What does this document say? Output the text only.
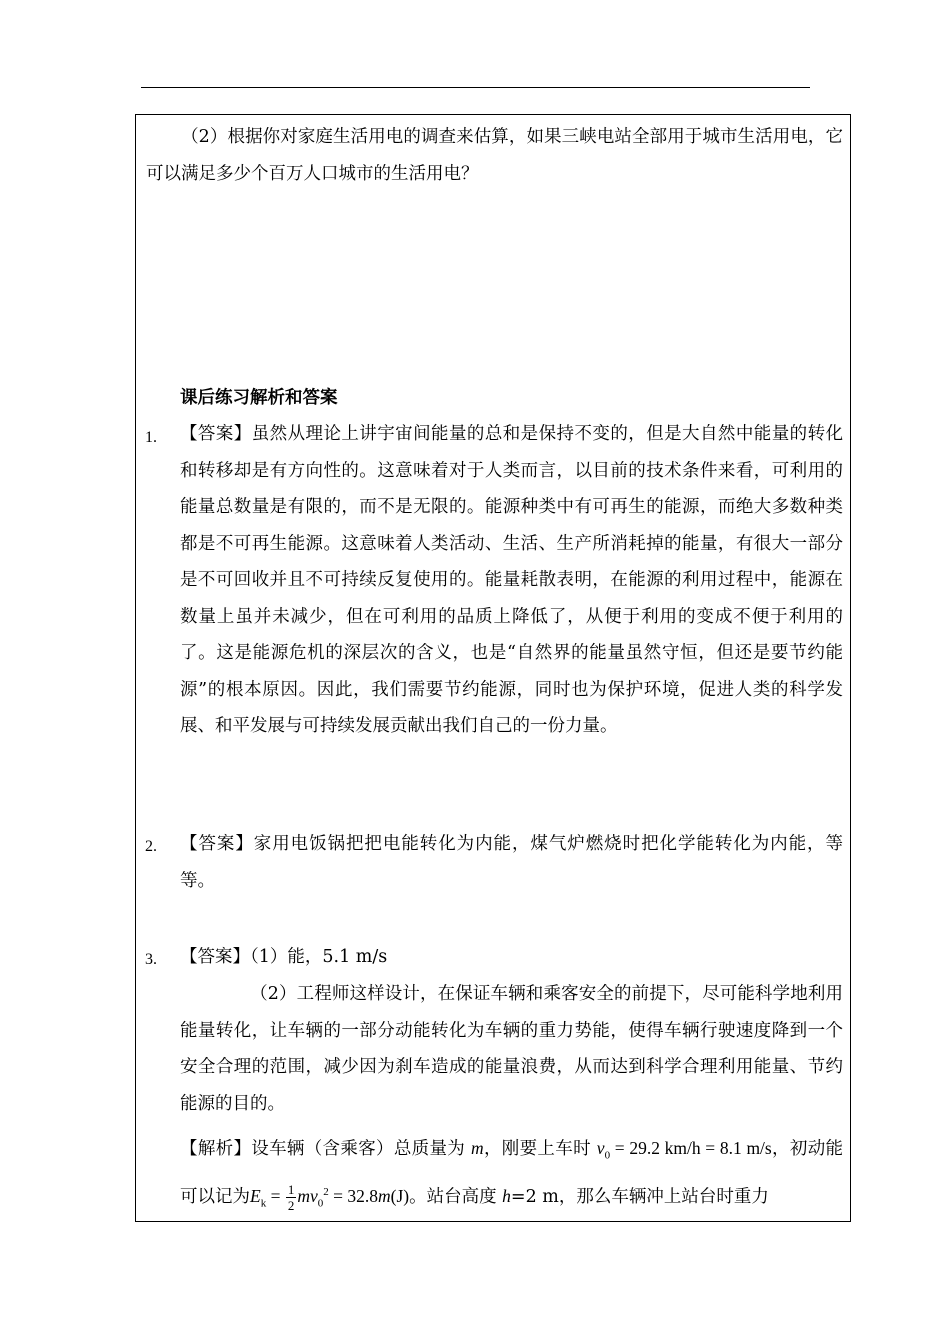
（2）根据你对家庭生活用电的调查来估算，如果三峡电站全部用于城市生活用电，它可以满足多少个百万人口城市的生活用电？
课后练习解析和答案
1. 【答案】虽然从理论上讲宇宙间能量的总和是保持不变的，但是大自然中能量的转化和转移却是有方向性的。这意味着对于人类而言，以目前的技术条件来看，可利用的能量总数量是有限的，而不是无限的。能源种类中有可再生的能源，而绝大多数种类都是不可再生能源。这意味着人类活动、生活、生产所消耗掉的能量，有很大一部分是不可回收并且不可持续反复使用的。能量耗散表明，在能源的利用过程中，能源在数量上虽并未减少，但在可利用的品质上降低了，从便于利用的变成不便于利用的了。这是能源危机的深层次的含义，也是“自然界的能量虽然守恒，但还是要节约能源”的根本原因。因此，我们需要节约能源，同时也为保护环境，促进人类的科学发展、和平发展与可持续发展贡献出我们自己的一份力量。
2. 【答案】家用电饭锅把把电能转化为内能，煤气炉燃烧时把化学能转化为内能，等等。
3. 【答案】（1）能，5.1 m/s
（2）工程师这样设计，在保证车辆和乘客安全的前提下，尽可能科学地利用能量转化，让车辆的一部分动能转化为车辆的重力势能，使得车辆行驶速度降到一个安全合理的范围，减少因为刹车造成的能量浪费，从而达到科学合理利用能量、节约能源的目的。
【解析】设车辆（含乘客）总质量为 m，刚要上车时 $v_0 = 29.2$ km/h = 8.1 m/s，初动能可以记为$E_k = \frac{1}{2} mv_0^2 = 32.8m(J)$。站台高度 h=2 m，那么车辆冲上站台时重力
